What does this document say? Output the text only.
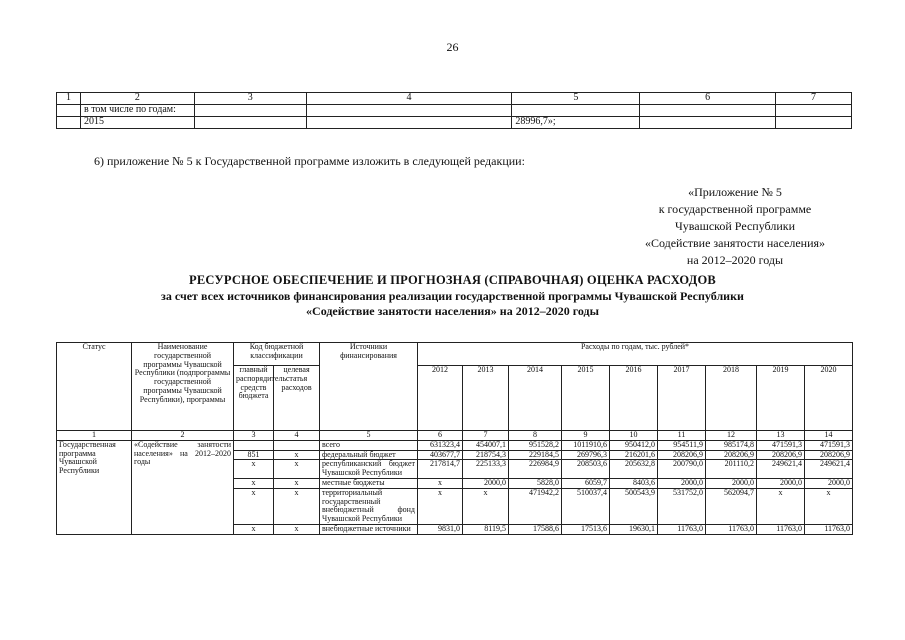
26
1	2	3	4	5	6	7
	в том числе по годам:					
	2015			28996,7»;		
6) приложение № 5 к Государственной программе изложить в следующей редакции:
«Приложение № 5
к государственной программе
Чувашской Республики
«Содействие занятости населения»
на 2012–2020 годы
РЕСУРСНОЕ ОБЕСПЕЧЕНИЕ И ПРОГНОЗНАЯ (СПРАВОЧНАЯ) ОЦЕНКА РАСХОДОВ
за счет всех источников финансирования реализации государственной программы Чувашской Республики
«Содействие занятости населения» на 2012–2020 годы
Статус	Наименование государственной программы Чувашской Республики (подпрограммы государственной программы Чувашской Республики), программы	Код бюджетной классификации		Источники финансирования	Расходы по годам, тыс. рублей*								
		главный распорядитель средств бюджета	целевая статья расходов		2012	2013	2014	2015	2016	2017	2018	2019	2020

1	2	3	4	5	6	7	8	9	10	11	12	13	14
Государственная программа Чувашской Республики	«Содействие занятости населения» на 2012–2020 годы			всего	631323,4	454007,1	951528,2	1011910,6	950412,0	954511,9	985174,8	471591,3	471591,3
		851	х	федеральный бюджет	403677,7	218754,3	229184,5	269796,3	216201,6	208206,9	208206,9	208206,9	208206,9
		х	х	республиканский бюджет Чувашской Республики	217814,7	225133,3	226984,9	208503,6	205632,8	200790,0	201110,2	249621,4	249621,4
		х	х	местные бюджеты	х	2000,0	5828,0	6059,7	8403,6	2000,0	2000,0	2000,0	2000,0
		х	х	территориальный государственный внебюджетный фонд Чувашской Республики	х	х	471942,2	510037,4	500543,9	531752,0	562094,7	х	х
		х	х	внебюджетные источники	9831,0	8119,5	17588,6	17513,6	19630,1	11763,0	11763,0	11763,0	11763,0
